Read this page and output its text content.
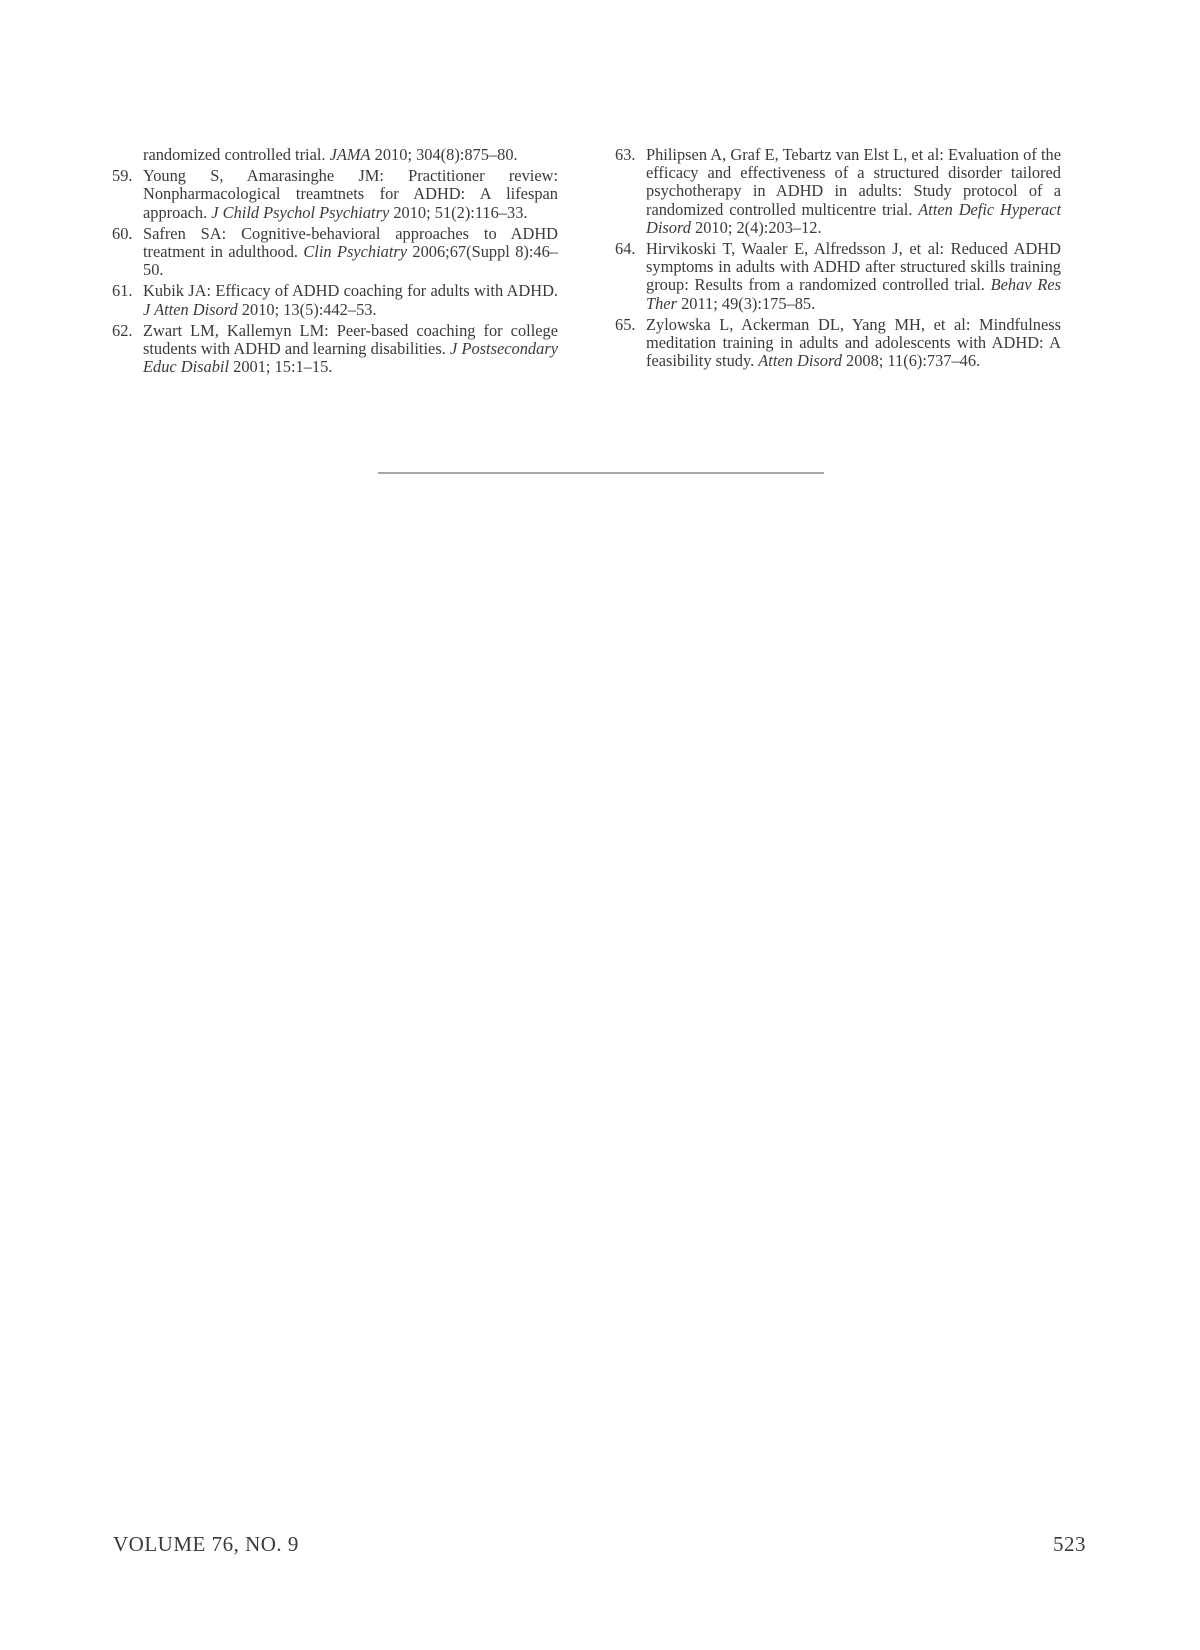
randomized controlled trial. JAMA 2010; 304(8):875–80.
59. Young S, Amarasinghe JM: Practitioner review: Nonpharmacological treamtnets for ADHD: A lifespan approach. J Child Psychol Psychiatry 2010; 51(2):116–33.
60. Safren SA: Cognitive-behavioral approaches to ADHD treatment in adulthood. Clin Psychiatry 2006;67(Suppl 8):46–50.
61. Kubik JA: Efficacy of ADHD coaching for adults with ADHD. J Atten Disord 2010; 13(5):442–53.
62. Zwart LM, Kallemyn LM: Peer-based coaching for college students with ADHD and learning disabilities. J Postsecondary Educ Disabil 2001; 15:1–15.
63. Philipsen A, Graf E, Tebartz van Elst L, et al: Evaluation of the efficacy and effectiveness of a structured disorder tailored psychotherapy in ADHD in adults: Study protocol of a randomized controlled multicentre trial. Atten Defic Hyperact Disord 2010; 2(4):203–12.
64. Hirvikoski T, Waaler E, Alfredsson J, et al: Reduced ADHD symptoms in adults with ADHD after structured skills training group: Results from a randomized controlled trial. Behav Res Ther 2011; 49(3):175–85.
65. Zylowska L, Ackerman DL, Yang MH, et al: Mindfulness meditation training in adults and adolescents with ADHD: A feasibility study. Atten Disord 2008; 11(6):737–46.
VOLUME 76, NO. 9	523
